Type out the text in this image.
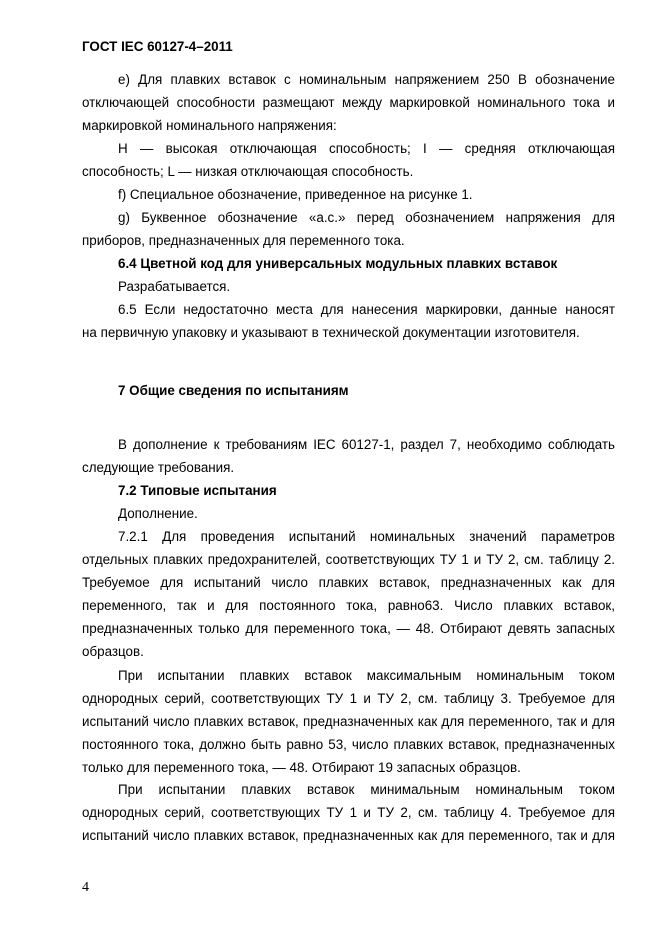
ГОСТ IEC 60127-4–2011
е) Для плавких вставок с номинальным напряжением 250 В обозначение
отключающей способности размещают между маркировкой номинального тока и
маркировкой номинального напряжения:
Н — высокая отключающая способность; I — средняя отключающая
способность; L — низкая отключающая способность.
f) Специальное обозначение, приведенное на рисунке 1.
g) Буквенное обозначение «а.с.» перед обозначением напряжения для
приборов, предназначенных для переменного тока.
6.4 Цветной код для универсальных модульных плавких вставок
Разрабатывается.
6.5 Если недостаточно места для нанесения маркировки, данные наносят
на первичную упаковку и указывают в технической документации изготовителя.
7 Общие сведения по испытаниям
В дополнение к требованиям IEC 60127-1, раздел 7, необходимо соблюдать
следующие требования.
7.2 Типовые испытания
Дополнение.
7.2.1 Для проведения испытаний номинальных значений параметров
отдельных плавких предохранителей, соответствующих ТУ 1 и ТУ 2, см. таблицу 2.
Требуемое для испытаний число плавких вставок, предназначенных как для
переменного, так и для постоянного тока, равно63. Число плавких вставок,
предназначенных только для переменного тока, — 48. Отбирают девять запасных
образцов.
При испытании плавких вставок максимальным номинальным током
однородных серий, соответствующих ТУ 1 и ТУ 2, см. таблицу 3. Требуемое для
испытаний число плавких вставок, предназначенных как для переменного, так и для
постоянного тока, должно быть равно 53, число плавких вставок, предназначенных
только для переменного тока, — 48. Отбирают 19 запасных образцов.
При испытании плавких вставок минимальным номинальным током
однородных серий, соответствующих ТУ 1 и ТУ 2, см. таблицу 4. Требуемое для
испытаний число плавких вставок, предназначенных как для переменного, так и для
4
